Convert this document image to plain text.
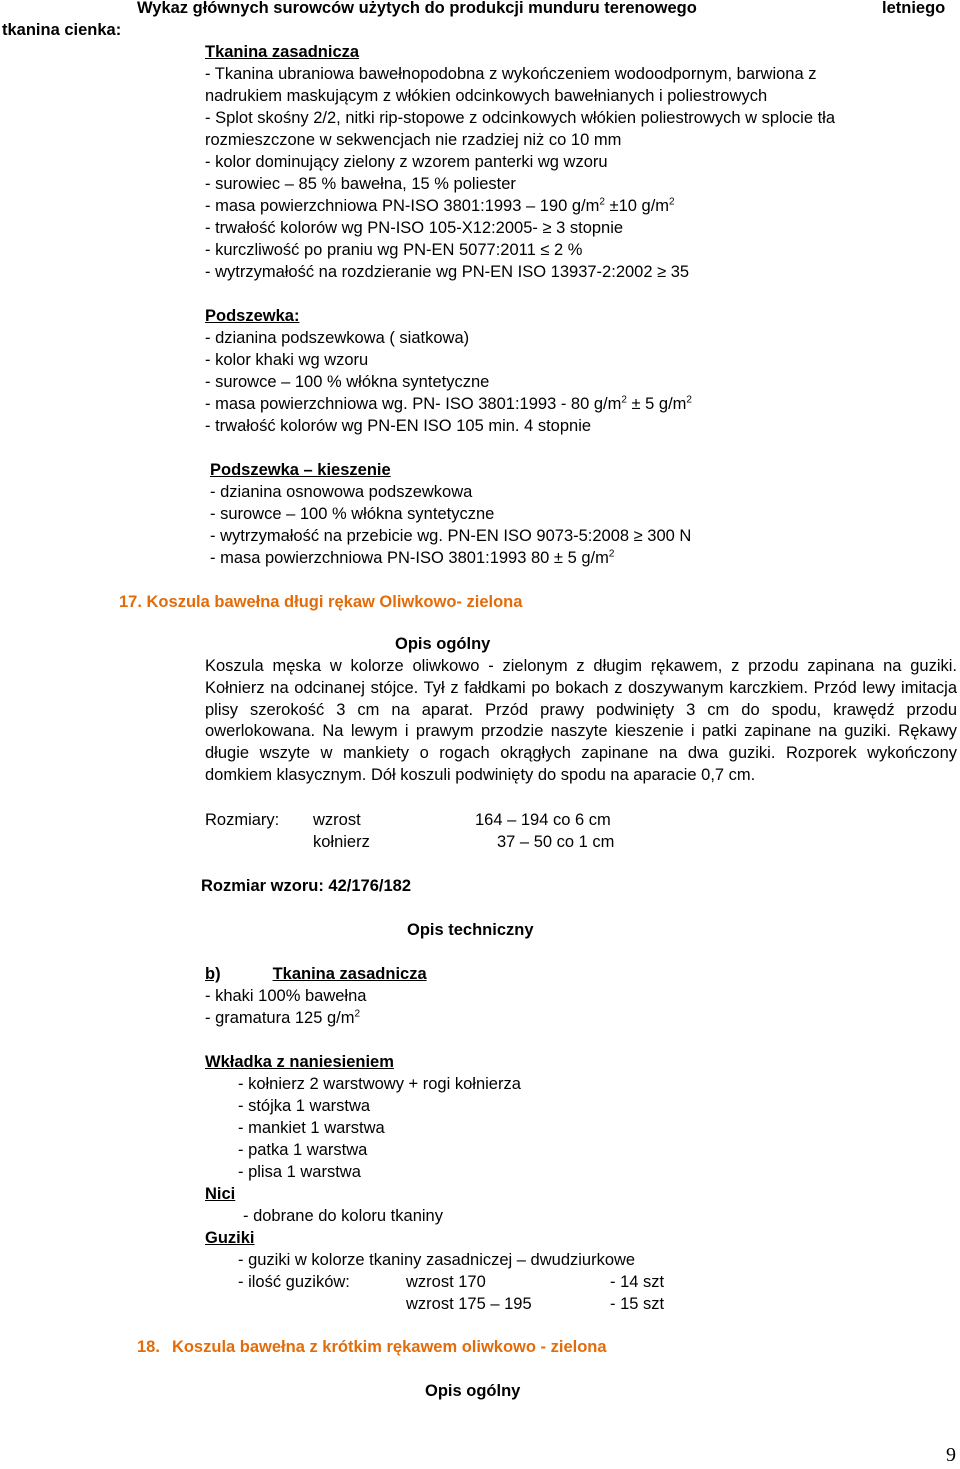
Wykaz głównych surowców użytych do produkcji munduru terenowego	letniego
tkanina cienka:
Tkanina zasadnicza
- Tkanina ubraniowa bawełnopodobna z wykończeniem wodoodpornym, barwiona z
nadrukiem maskującym z włókien odcinkowych bawełnianych i poliestrowych
- Splot skośny 2/2, nitki rip-stopowe z odcinkowych włókien poliestrowych w splocie tła
rozmieszczone w sekwencjach nie rzadziej niż co 10 mm
- kolor dominujący zielony z wzorem panterki wg wzoru
- surowiec – 85 % bawełna, 15 % poliester
- masa powierzchniowa PN-ISO 3801:1993 – 190 $g/m^2 \pm 10$ $g/m^2$
- trwałość kolorów wg PN-ISO 105-X12:2005- ≥ 3 stopnie
- kurczliwość po praniu wg PN-EN 5077:2011 ≤ 2 %
- wytrzymałość na rozdzieranie wg PN-EN ISO 13937-2:2002 ≥ 35
Podszewka:
- dzianina podszewkowa ( siatkowa)
- kolor khaki wg wzoru
- surowce – 100 % włókna syntetyczne
- masa powierzchniowa wg. PN- ISO 3801:1993 - 80 $g/m^2 \pm 5$ $g/m^2$
- trwałość kolorów wg PN-EN ISO 105 min. 4 stopnie
Podszewka – kieszenie
- dzianina osnowowa podszewkowa
- surowce – 100 % włókna syntetyczne
- wytrzymałość na przebicie wg. PN-EN ISO 9073-5:2008 ≥ 300 N
- masa powierzchniowa PN-ISO 3801:1993 80 ± 5 $g/m^2$
17. Koszula bawełna długi rękaw Oliwkowo- zielona
Opis ogólny
Koszula męska w kolorze oliwkowo - zielonym z długim rękawem, z przodu zapinana na guziki. Kołnierz na odcinanej stójce. Tył z fałdkami po bokach z doszywanym karczkiem. Przód lewy imitacja plisy szerokość 3 cm na aparat. Przód prawy podwinięty 3 cm do spodu, krawędź przodu owerlokowana. Na lewym i prawym przodzie naszyte kieszenie i patki zapinane na guziki. Rękawy długie wszyte w mankiety o rogach okrągłych zapinane na dwa guziki. Rozporek wykończony domkiem klasycznym. Dół koszuli podwinięty do spodu na aparacie 0,7 cm.
Rozmiary: wzrost	164 – 194 co 6 cm
kołnierz	37 – 50 co 1 cm
Rozmiar wzoru: 42/176/182
Opis techniczny
b)	Tkanina zasadnicza
- khaki 100% bawełna
- gramatura 125 $g/m^2$
Wkładka z naniesieniem
- kołnierz 2 warstwowy + rogi kołnierza
- stójka 1 warstwa
- mankiet 1 warstwa
- patka 1 warstwa
- plisa 1 warstwa
Nici
- dobrane do koloru tkaniny
Guziki
- guziki w kolorze tkaniny zasadniczej – dwudziurkowe
- ilość guzików:	wzrost 170	- 14 szt
wzrost 175 – 195	- 15 szt
18. Koszula bawełna z krótkim rękawem oliwkowo - zielona
Opis ogólny
9
